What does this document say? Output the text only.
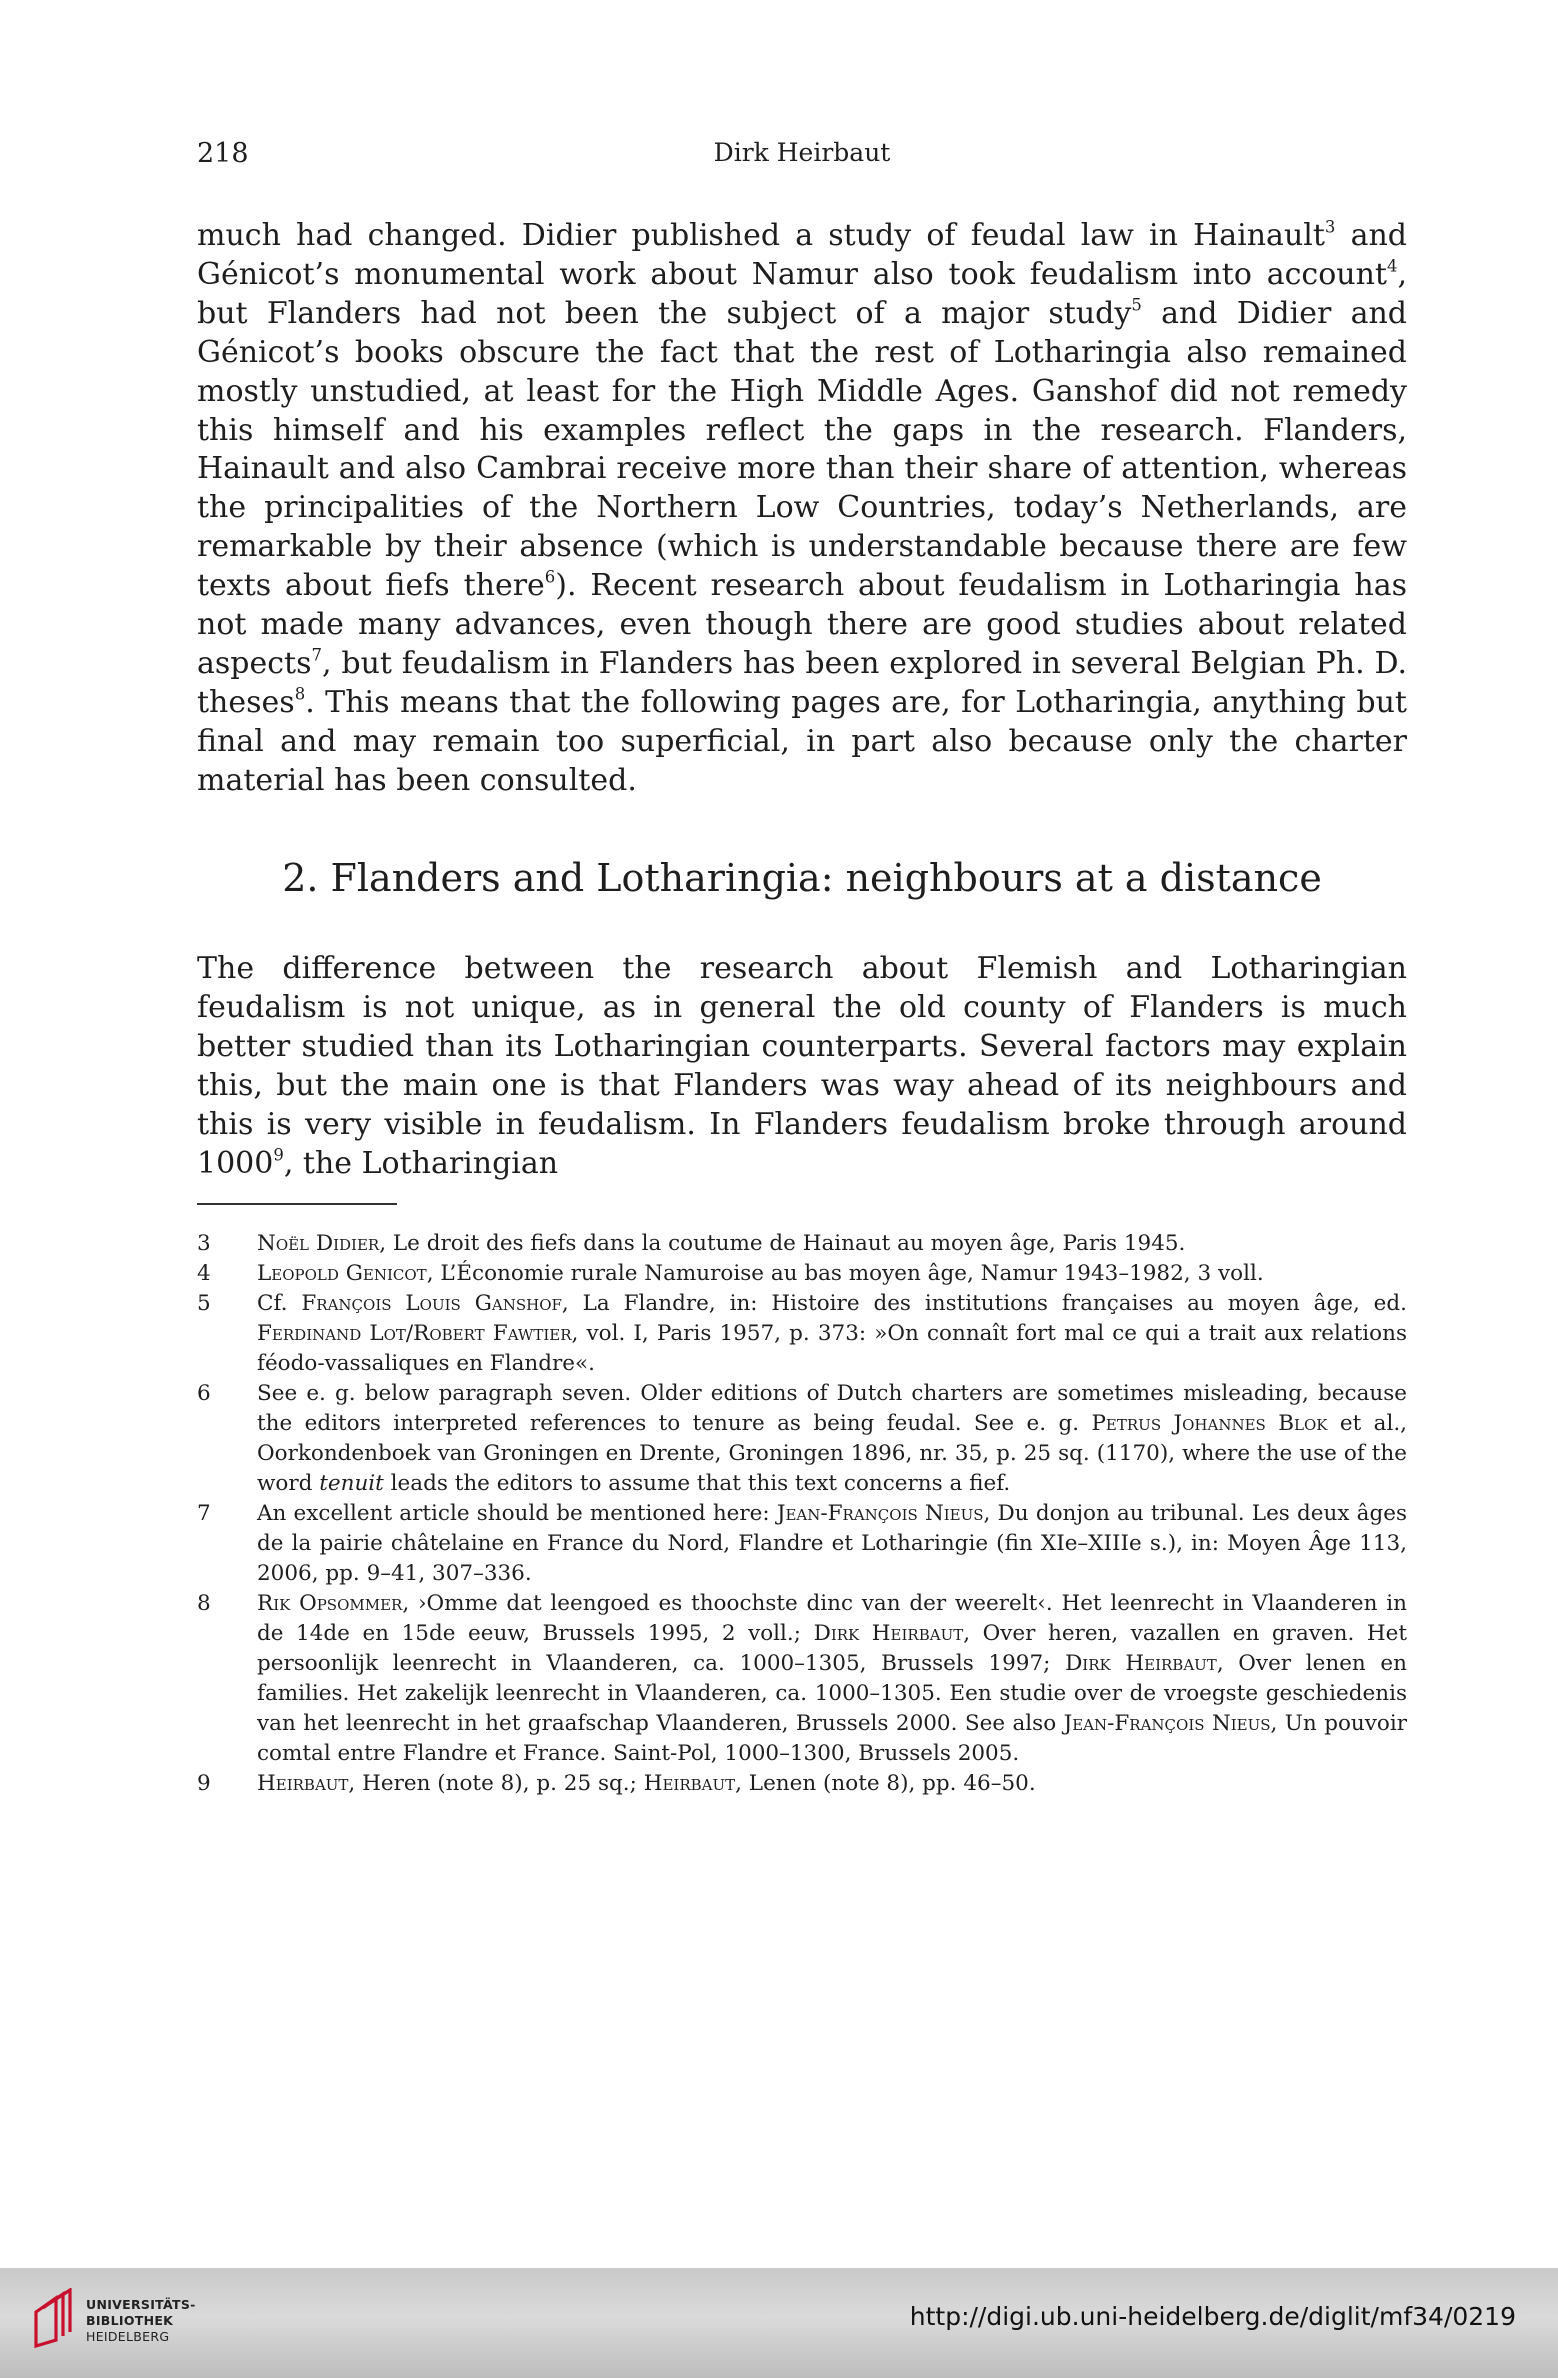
218	Dirk Heirbaut

much had changed. Didier published a study of feudal law in Hainault$^3$ and Génicot’s monumental work about Namur also took feudalism into account$^4$, but Flanders had not been the subject of a major study$^5$ and Didier and Génicot’s books obscure the fact that the rest of Lotharingia also remained mostly unstudied, at least for the High Middle Ages. Ganshof did not remedy this himself and his examples reflect the gaps in the research. Flanders, Hainault and also Cambrai receive more than their share of attention, whereas the principalities of the Northern Low Countries, today’s Netherlands, are remarkable by their absence (which is understandable because there are few texts about fiefs there$^6$). Recent research about feudalism in Lotharingia has not made many advances, even though there are good studies about related aspects$^7$, but feudalism in Flanders has been explored in several Belgian Ph. D. theses$^8$. This means that the following pages are, for Lotharingia, anything but final and may remain too superficial, in part also because only the charter material has been consulted.

2. Flanders and Lotharingia: neighbours at a distance

The difference between the research about Flemish and Lotharingian feudalism is not unique, as in general the old county of Flanders is much better studied than its Lotharingian counterparts. Several factors may explain this, but the main one is that Flanders was way ahead of its neighbours and this is very visible in feudalism. In Flanders feudalism broke through around 1000$^9$, the Lotharingian

3 Noël Didier, Le droit des fiefs dans la coutume de Hainaut au moyen âge, Paris 1945.
4 Leopold Genicot, L’Économie rurale Namuroise au bas moyen âge, Namur 1943–1982, 3 voll.
5 Cf. François Louis Ganshof, La Flandre, in: Histoire des institutions françaises au moyen âge, ed. Ferdinand Lot/Robert Fawtier, vol. I, Paris 1957, p. 373: »On connaît fort mal ce qui a trait aux relations féodo-vassaliques en Flandre«.
6 See e. g. below paragraph seven. Older editions of Dutch charters are sometimes misleading, because the editors interpreted references to tenure as being feudal. See e. g. Petrus Johannes Blok et al., Oorkondenboek van Groningen en Drente, Groningen 1896, nr. 35, p. 25 sq. (1170), where the use of the word tenuit leads the editors to assume that this text concerns a fief.
7 An excellent article should be mentioned here: Jean-François Nieus, Du donjon au tribunal. Les deux âges de la pairie châtelaine en France du Nord, Flandre et Lotharingie (fin XIe–XIIIe s.), in: Moyen Âge 113, 2006, pp. 9–41, 307–336.
8 Rik Opsommer, ›Omme dat leengoed es thoochste dinc van der weerelt‹. Het leenrecht in Vlaanderen in de 14de en 15de eeuw, Brussels 1995, 2 voll.; Dirk Heirbaut, Over heren, vazallen en graven. Het persoonlijk leenrecht in Vlaanderen, ca. 1000–1305, Brussels 1997; Dirk Heirbaut, Over lenen en families. Het zakelijk leenrecht in Vlaanderen, ca. 1000–1305. Een studie over de vroegste geschiedenis van het leenrecht in het graafschap Vlaanderen, Brussels 2000. See also Jean-François Nieus, Un pouvoir comtal entre Flandre et France. Saint-Pol, 1000–1300, Brussels 2005.
9 Heirbaut, Heren (note 8), p. 25 sq.; Heirbaut, Lenen (note 8), pp. 46–50.
UNIVERSITÄTS-
BIBLIOTHEK
HEIDELBERG
http://digi.ub.uni-heidelberg.de/diglit/mf34/0219
